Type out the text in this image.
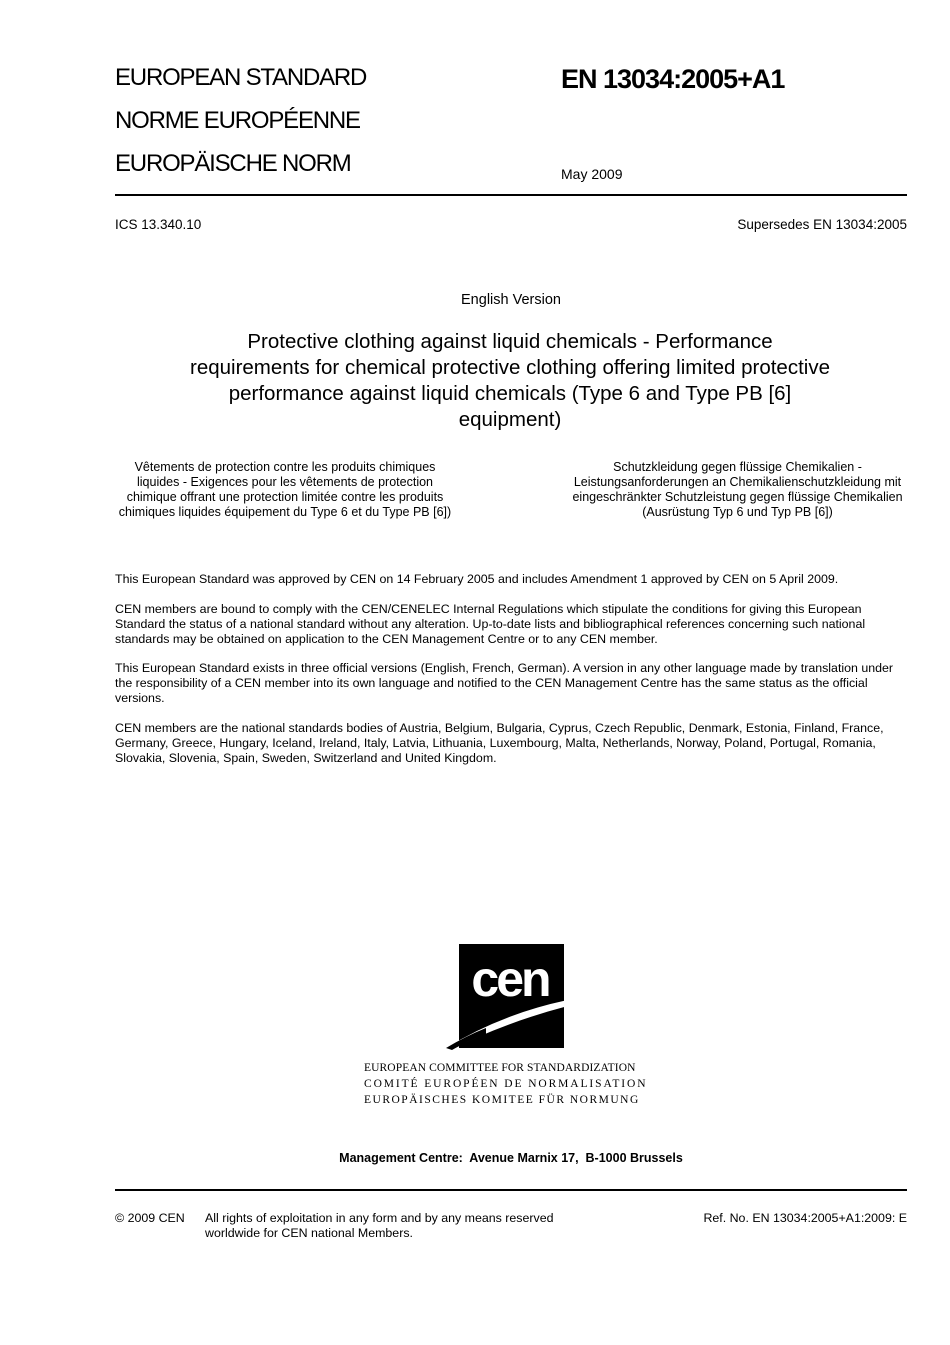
EUROPEAN STANDARD
NORME EUROPÉENNE
EUROPÄISCHE NORM
EN 13034:2005+A1
May 2009
ICS 13.340.10	Supersedes EN 13034:2005
English Version
Protective clothing against liquid chemicals - Performance requirements for chemical protective clothing offering limited protective performance against liquid chemicals (Type 6 and Type PB [6] equipment)
Vêtements de protection contre les produits chimiques liquides - Exigences pour les vêtements de protection chimique offrant une protection limitée contre les produits chimiques liquides équipement du Type 6 et du Type PB [6])
Schutzkleidung gegen flüssige Chemikalien - Leistungsanforderungen an Chemikalienschutzkleidung mit eingeschränkter Schutzleistung gegen flüssige Chemikalien (Ausrüstung Typ 6 und Typ PB [6])
This European Standard was approved by CEN on 14 February 2005 and includes Amendment 1 approved by CEN on 5 April 2009.
CEN members are bound to comply with the CEN/CENELEC Internal Regulations which stipulate the conditions for giving this European Standard the status of a national standard without any alteration. Up-to-date lists and bibliographical references concerning such national standards may be obtained on application to the CEN Management Centre or to any CEN member.
This European Standard exists in three official versions (English, French, German). A version in any other language made by translation under the responsibility of a CEN member into its own language and notified to the CEN Management Centre has the same status as the official versions.
CEN members are the national standards bodies of Austria, Belgium, Bulgaria, Cyprus, Czech Republic, Denmark, Estonia, Finland, France, Germany, Greece, Hungary, Iceland, Ireland, Italy, Latvia, Lithuania, Luxembourg, Malta, Netherlands, Norway, Poland, Portugal, Romania, Slovakia, Slovenia, Spain, Sweden, Switzerland and United Kingdom.
cen
EUROPEAN COMMITTEE FOR STANDARDIZATION
COMITÉ EUROPÉEN DE NORMALISATION
EUROPÄISCHES KOMITEE FÜR NORMUNG
Management Centre:  Avenue Marnix 17,  B-1000 Brussels
© 2009 CEN All rights of exploitation in any form and by any means reserved worldwide for CEN national Members.
Ref. No. EN 13034:2005+A1:2009: E
